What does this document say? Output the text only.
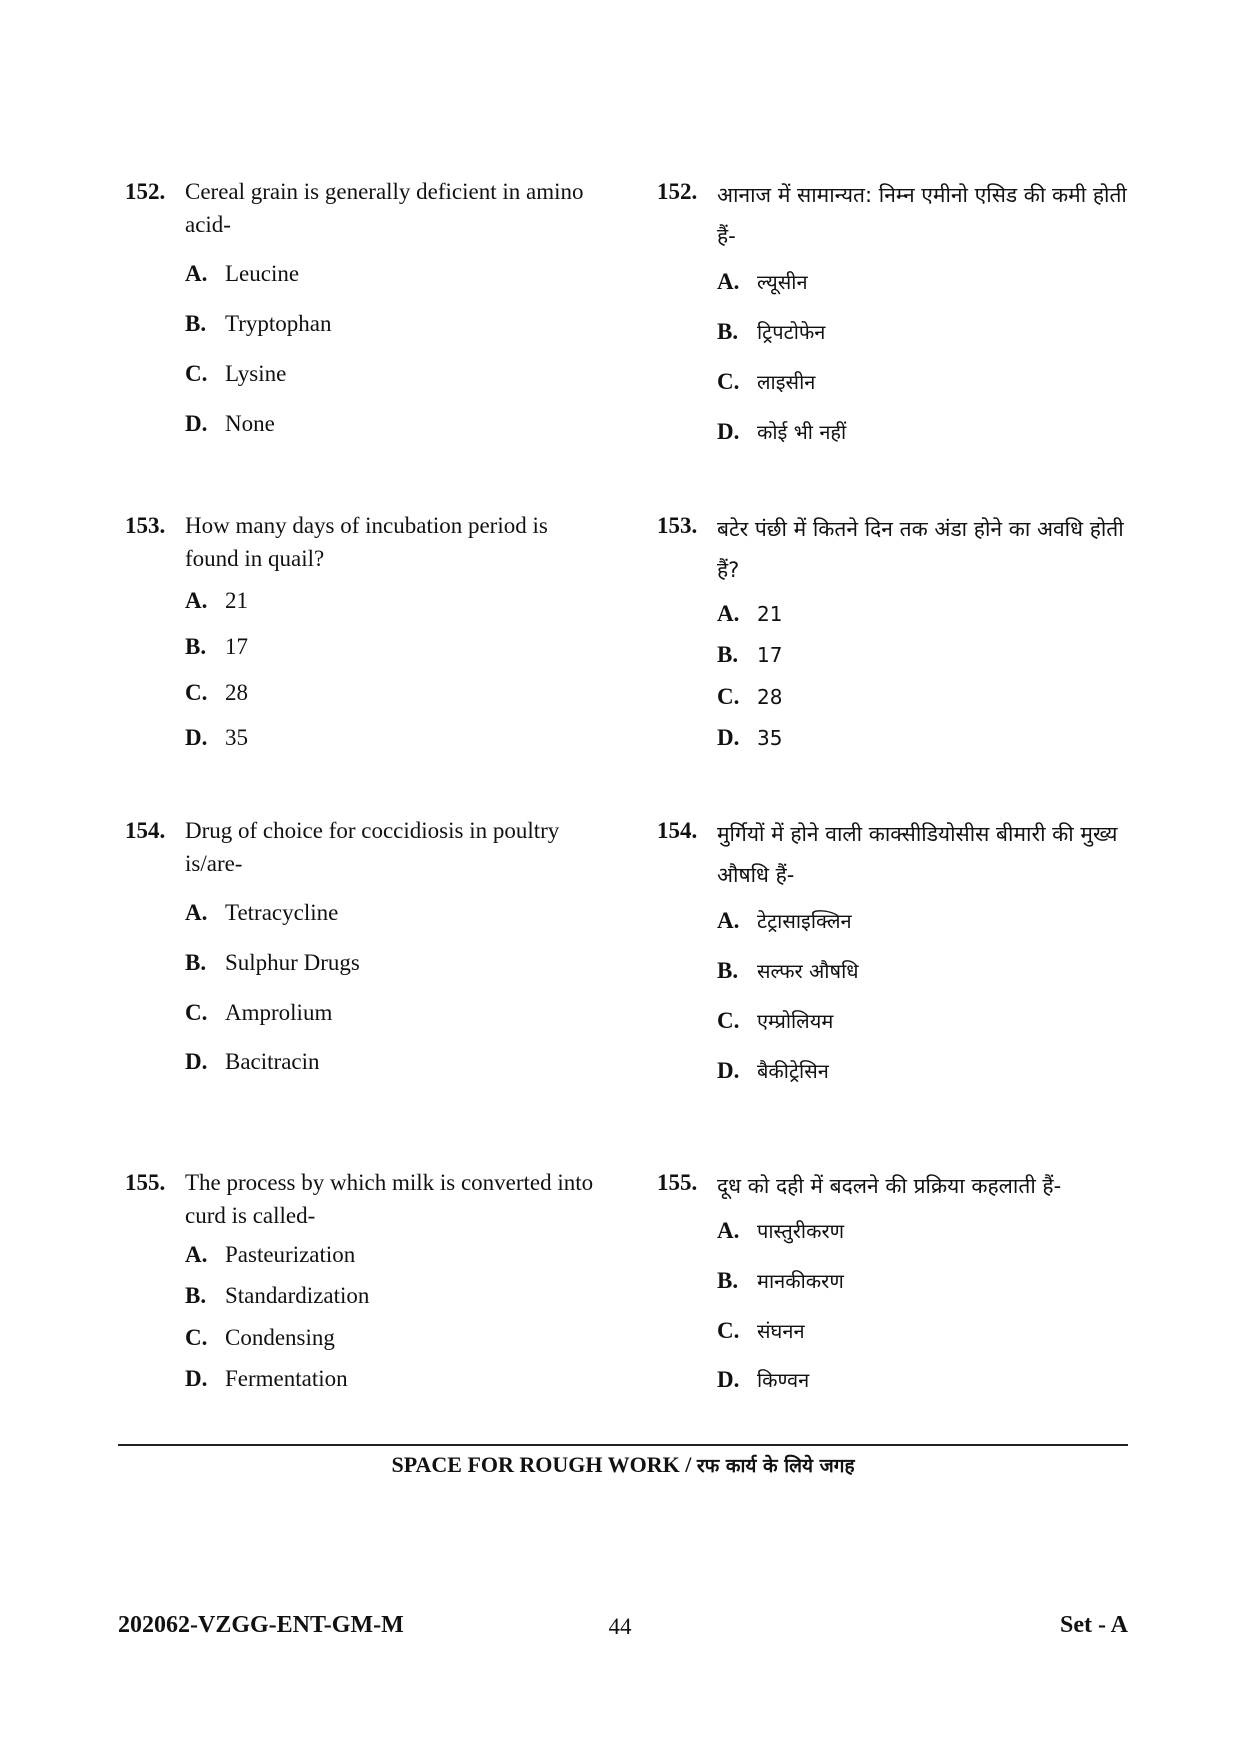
152. Cereal grain is generally deficient in amino acid-
A. Leucine
B. Tryptophan
C. Lysine
D. None
153. How many days of incubation period is found in quail?
A. 21
B. 17
C. 28
D. 35
154. Drug of choice for coccidiosis in poultry is/are-
A. Tetracycline
B. Sulphur Drugs
C. Amprolium
D. Bacitracin
155. The process by which milk is converted into curd is called-
A. Pasteurization
B. Standardization
C. Condensing
D. Fermentation
152. आनाज में सामान्यत: निम्न एमीनो एसिड की कमी होती हैं-
A. ल्यूसीन
B. ट्रिपटोफेन
C. लाइसीन
D. कोई भी नहीं
153. बटेर पंछी में कितने दिन तक अंडा होने का अवधि होती हैं?
A. 21
B. 17
C. 28
D. 35
154. मुर्गियों में होने वाली काक्सीडियोसीस बीमारी की मुख्य औषधि हैं-
A. टेट्रासाइक्लिन
B. सल्फर औषधि
C. एम्प्रोलियम
D. बैकीट्रेसिन
155. दूध को दही में बदलने की प्रक्रिया कहलाती हैं-
A. पास्तुरीकरण
B. मानकीकरण
C. संघनन
D. किण्वन
SPACE FOR ROUGH WORK / रफ कार्य के लिये जगह
202062-VZGG-ENT-GM-M	44	Set - A
